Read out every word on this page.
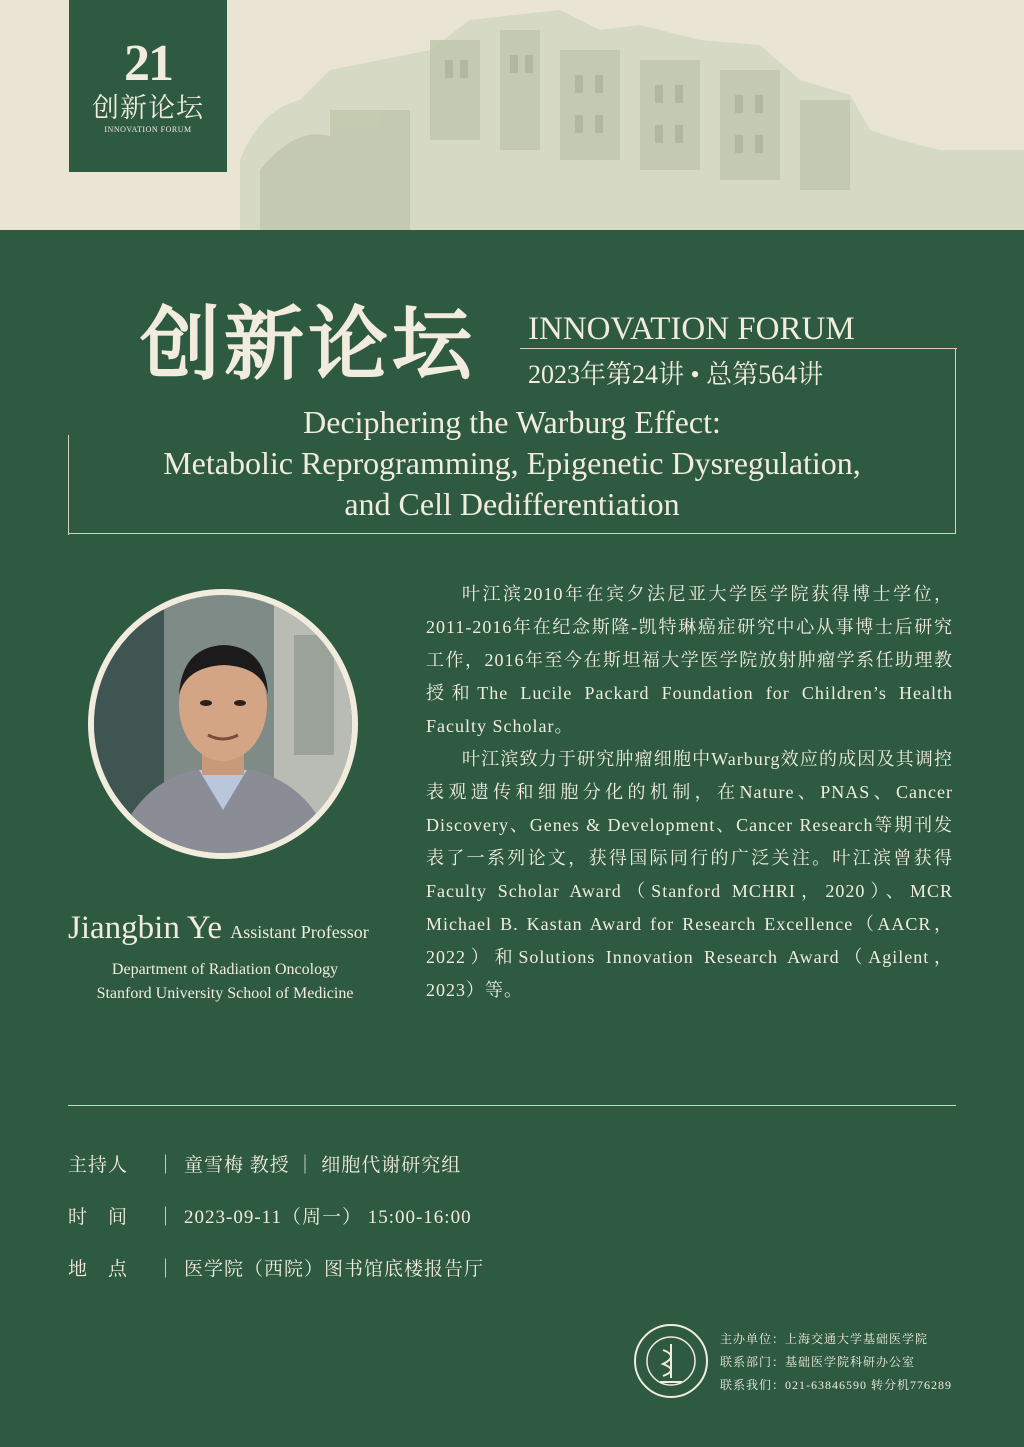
21
创新论坛
INNOVATION FORUM
创新论坛 INNOVATION FORUM
2023年第24讲 • 总第564讲
Deciphering the Warburg Effect:
Metabolic Reprogramming, Epigenetic Dysregulation,
and Cell Dedifferentiation
Jiangbin Ye Assistant Professor
Department of Radiation Oncology
Stanford University School of Medicine

叶江滨2010年在宾夕法尼亚大学医学院获得博士学位，2011-2016年在纪念斯隆-凯特琳癌症研究中心从事博士后研究工作，2016年至今在斯坦福大学医学院放射肿瘤学系任助理教授和The Lucile Packard Foundation for Children’s Health Faculty Scholar。

叶江滨致力于研究肿瘤细胞中Warburg效应的成因及其调控表观遗传和细胞分化的机制，在Nature、PNAS、Cancer Discovery、Genes & Development、Cancer Research等期刊发表了一系列论文，获得国际同行的广泛关注。叶江滨曾获得Faculty Scholar Award（Stanford MCHRI，2020）、MCR Michael B. Kastan Award for Research Excellence（AACR，2022）和Solutions Innovation Research Award（Agilent，2023）等。

主持人 ｜ 童雪梅 教授 ｜ 细胞代谢研究组
时　间 ｜ 2023-09-11（周一） 15:00-16:00
地　点 ｜ 医学院（西院）图书馆底楼报告厅
主办单位：上海交通大学基础医学院
联系部门：基础医学院科研办公室
联系我们：021-63846590 转分机776289
